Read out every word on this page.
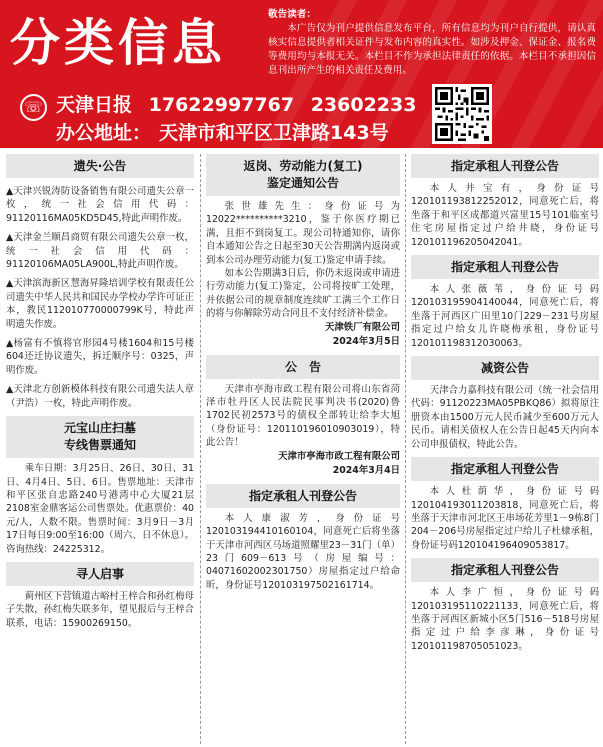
分类信息	敬告读者：
本广告仅为刊户提供信息发布平台，所有信息均为刊户自行提供，请认真核实信息提供者相关证件与发布内容的真实性。如涉及押金、保证金、报名费等费用均与本报无关。本栏目不作为承担法律责任的依据。本栏目不承担因信息刊出所产生的相关责任及费用。
☏ 天津日报 17622997767 23602233
办公地址： 天津市和平区卫津路143号
遗失·公告
▲天津兴锐涛防设备销售有限公司遗失公章一枚，统一社会信用代码：91120116MA05KD5D45,特此声明作废。
▲天津金兰顺昌商贸有限公司遗失公章一枚，统一社会信用代码：91120106MA05LA900L,特此声明作废。
▲天津滨海新区慧海昇隆培训学校有限责任公司遗失中华人民共和国民办学校办学许可证正本，教民112010770000799K号，特此声明遗失作废。
▲杨富有不慎将官形园4号楼1604和15号楼604还迁协议遗失，拆迁顺序号：0325，声明作废。
▲天津北方创新模体科技有限公司遗失法人章（尹浩）一枚，特此声明作废。
元宝山庄扫墓
专线售票通知
乘车日期：3月25日、26日、30日、31日、4月4日、5日、6日。售票地址：天津市和平区张自忠路240号港湾中心大厦21层2108室金鼎客运公司售票处。优惠票价：40元/人，人数不限。售票时间：3月9日－3月17日每日9:00至16:00（周六、日不休息）。咨询热线：24225312。
寻人启事
蓟州区下营镇道古峪村王梓合和孙红梅母子失散，孙红梅失联多年，望见报后与王梓合联系，电话：15900269150。
返岗、劳动能力(复工)
鉴定通知公告
张世雄先生：身份证号为12022**********3210，鉴于你医疗期已满，且拒不到岗复工。现公司特通知你，请你自本通知公告之日起至30天公告期满内返岗或到本公司办理劳动能力(复工)鉴定申请手续。
如本公告期满3日后，你仍未返岗或申请进行劳动能力(复工)鉴定，公司将按旷工处理，并依据公司的规章制度连续旷工满三个工作日的将与你解除劳动合同且不支付经济补偿金。
天津铁厂有限公司
2024年3月5日
公　告
天津市亭海市政工程有限公司将山东省菏泽市牡丹区人民法院民事判决书(2020)鲁1702民初2573号的债权全部转让给李大旭（身份证号：120110196010903019），特此公告！
天津市亭海市政工程有限公司
2024年3月4日
指定承租人刊登公告
本人康淑芳，身份证号120103194410160104，同意死亡后将坐落于天津市河西区马场道照耀里23－31门（单）23门609－613号（房屋编号：04071602002301750）房屋指定过户给命昕，身份证号120103197502161714。
指定承租人刊登公告
本人井宝有，身份证号120101193812252012，同意死亡后，将坐落于和平区成都道兴富里15号101临室号住宅房屋指定过户给井晓，身份证号120101196205042041。
指定承租人刊登公告
本人张薇苇，身份证号码120103195904140044，同意死亡后，将坐落于河西区广田里10门229－231号房屋指定过户给女儿许晓梅承租，身份证号120101198312030063。
减资公告
天津合力嘉科技有限公司（统一社会信用代码：91120223MA05PBKQ86）拟将原注册资本由1500万元人民币减少至600万元人民币。请相关债权人在公告日起45天内向本公司申报债权，特此公告。
指定承租人刊登公告
本人杜荫华，身份证号码120104193011203818，同意死亡后，将坐落于天津市河北区王串场花芳里1－9栋8门204－206号房屋指定过户给儿子杜棣承租，身份证号码120104196409053817。
指定承租人刊登公告
本人李广恒，身份证号码120103195110221133，同意死亡后，将坐落于河西区新城小区5门516－518号房屋指定过户给李彦琳，身份证号120101198705051023。
